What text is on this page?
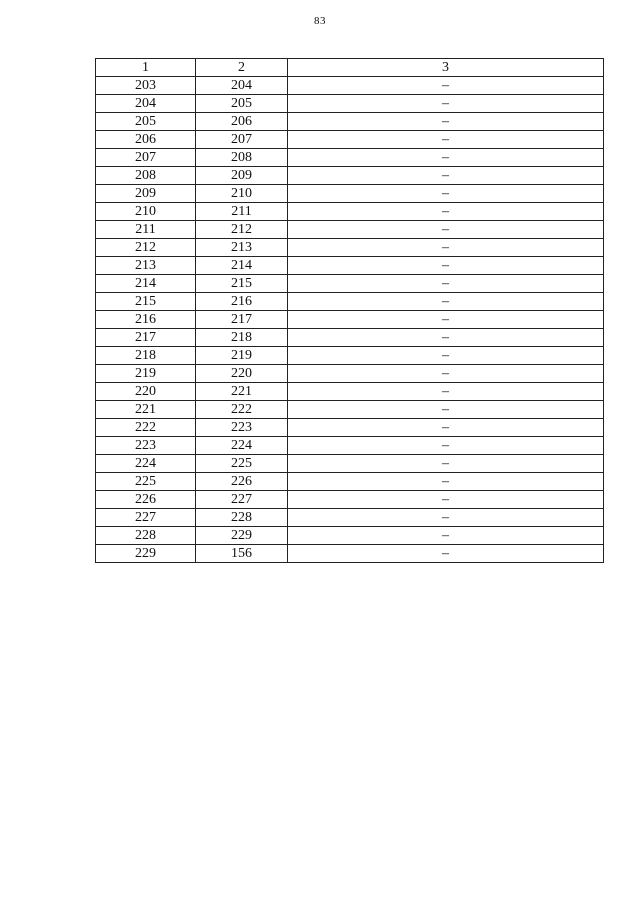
83
1	2	3
203	204	–
204	205	–
205	206	–
206	207	–
207	208	–
208	209	–
209	210	–
210	211	–
211	212	–
212	213	–
213	214	–
214	215	–
215	216	–
216	217	–
217	218	–
218	219	–
219	220	–
220	221	–
221	222	–
222	223	–
223	224	–
224	225	–
225	226	–
226	227	–
227	228	–
228	229	–
229	156	–
